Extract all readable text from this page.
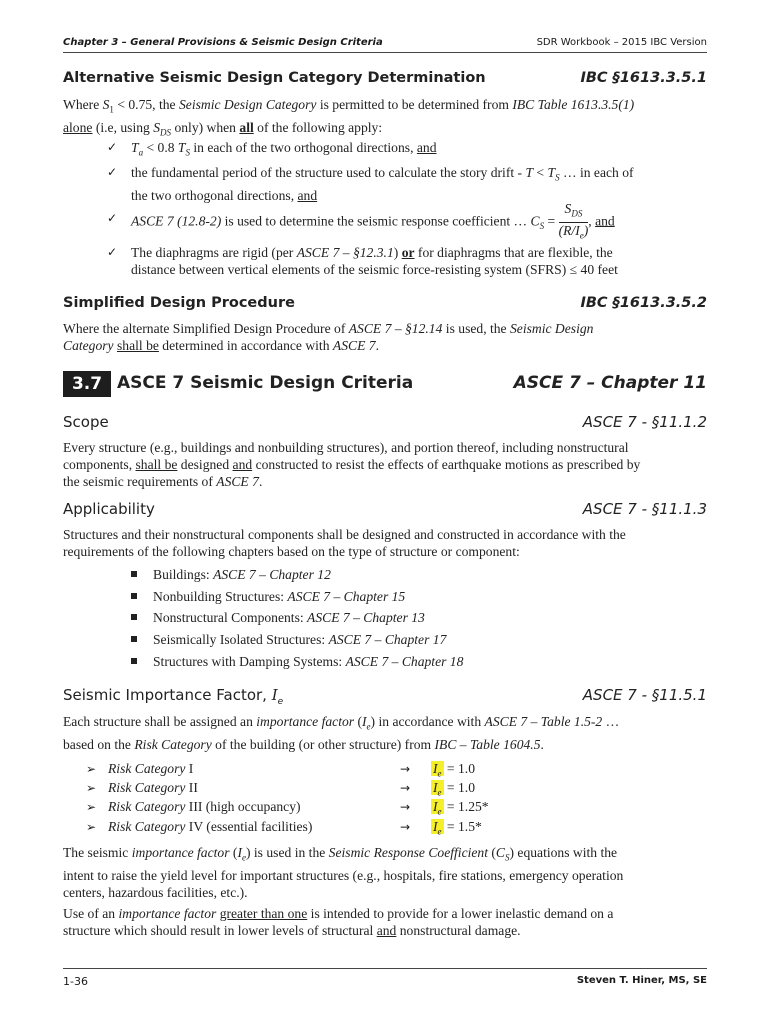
Chapter 3 – General Provisions & Seismic Design Criteria	SDR Workbook – 2015 IBC Version
Alternative Seismic Design Category Determination	IBC §1613.3.5.1
Where $S_1 < 0.75$, the Seismic Design Category is permitted to be determined from IBC Table 1613.3.5(1)
alone (i.e, using $S_{DS}$ only) when all of the following apply:
✓ $T_a < 0.8$ $T_S$ in each of the two orthogonal directions, and
✓ the fundamental period of the structure used to calculate the story drift - $T < T_S$ … in each of
the two orthogonal directions, and
✓ ASCE 7 (12.8-2) is used to determine the seismic response coefficient … $C_S = \frac{S_{DS}}{(R/I_e)}$ , and
✓ The diaphragms are rigid (per ASCE 7 – §12.3.1) or for diaphragms that are flexible, the
distance between vertical elements of the seismic force-resisting system (SFRS) ≤ 40 feet
Simplified Design Procedure	IBC §1613.3.5.2
Where the alternate Simplified Design Procedure of ASCE 7 – §12.14 is used, the Seismic Design
Category shall be determined in accordance with ASCE 7.
3.7 ASCE 7 Seismic Design Criteria	ASCE 7 – Chapter 11
Scope	ASCE 7 - §11.1.2
Every structure (e.g., buildings and nonbuilding structures), and portion thereof, including nonstructural
components, shall be designed and constructed to resist the effects of earthquake motions as prescribed by
the seismic requirements of ASCE 7.
Applicability	ASCE 7 - §11.1.3
Structures and their nonstructural components shall be designed and constructed in accordance with the
requirements of the following chapters based on the type of structure or component:
Buildings: ASCE 7 – Chapter 12
Nonbuilding Structures: ASCE 7 – Chapter 15
Nonstructural Components: ASCE 7 – Chapter 13
Seismically Isolated Structures: ASCE 7 – Chapter 17
Structures with Damping Systems: ASCE 7 – Chapter 18
Seismic Importance Factor, $I_e$	ASCE 7 - §11.5.1
Each structure shall be assigned an importance factor $(I_e)$ in accordance with ASCE 7 – Table 1.5-2 …
based on the Risk Category of the building (or other structure) from IBC – Table 1604.5.
➢ Risk Category I	→ $I_e = 1.0$
➢ Risk Category II	→ $I_e = 1.0$
➢ Risk Category III (high occupancy)	→ $I_e = 1.25*$
➢ Risk Category IV (essential facilities)	→ $I_e = 1.5*$
The seismic importance factor $(I_e)$ is used in the Seismic Response Coefficient $(C_S)$ equations with the
intent to raise the yield level for important structures (e.g., hospitals, fire stations, emergency operation
centers, hazardous facilities, etc.).
Use of an importance factor greater than one is intended to provide for a lower inelastic demand on a
structure which should result in lower levels of structural and nonstructural damage.
1-36	Steven T. Hiner, MS, SE
